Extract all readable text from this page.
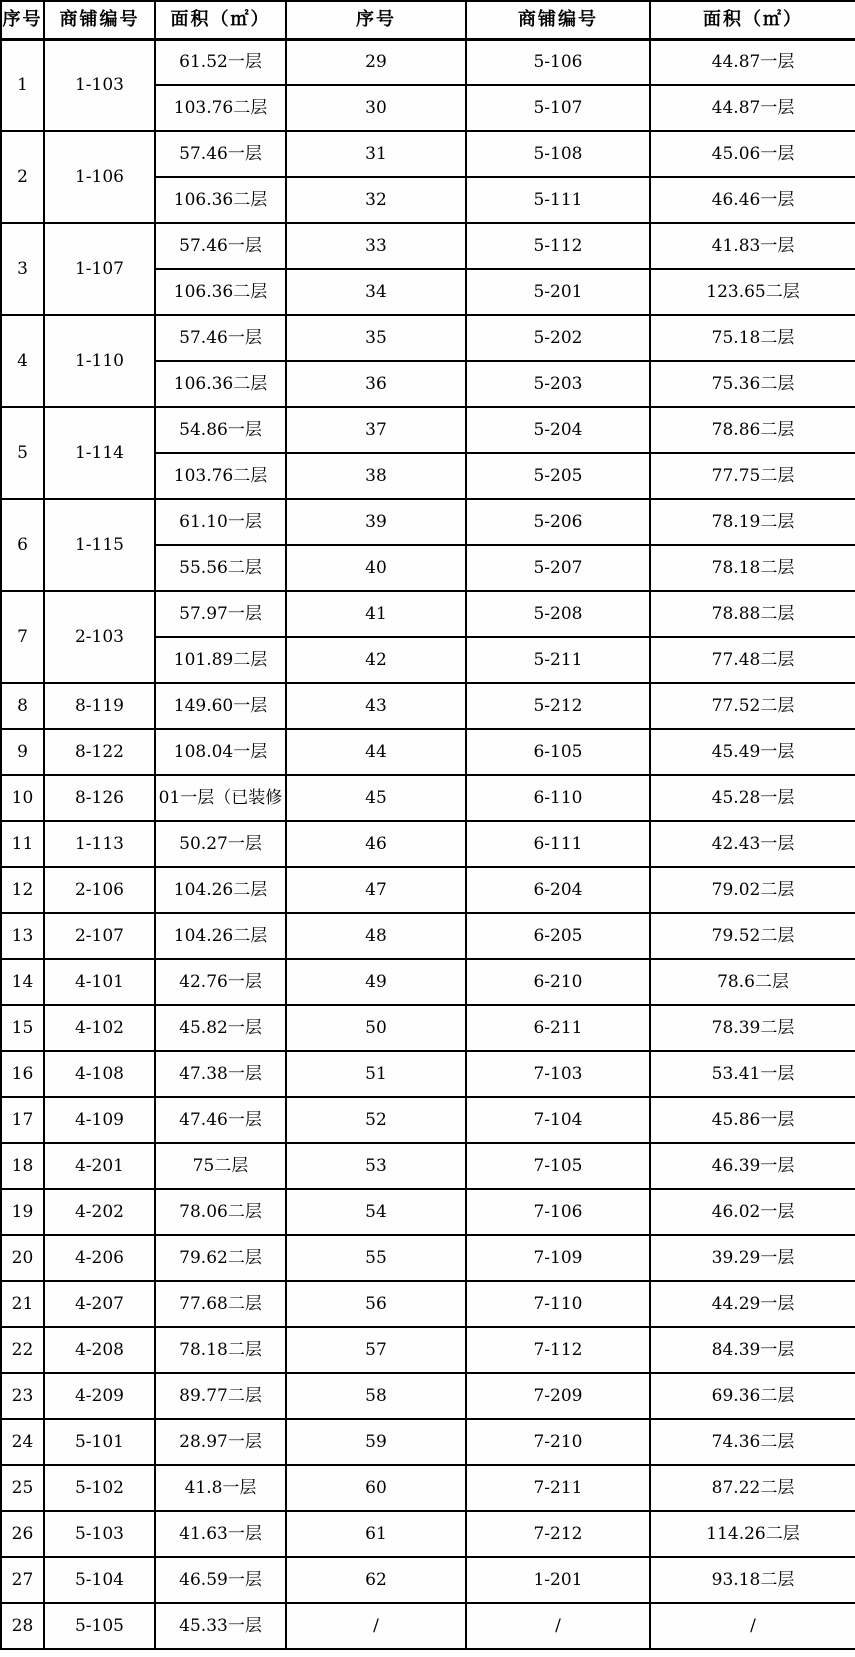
序号	商铺编号	面积（㎡）	序号	商铺编号	面积（㎡）
1	1-103	61.52一层	29	5-106	44.87一层
		103.76二层	30	5-107	44.87一层
2	1-106	57.46一层	31	5-108	45.06一层
		106.36二层	32	5-111	46.46一层
3	1-107	57.46一层	33	5-112	41.83一层
		106.36二层	34	5-201	123.65二层
4	1-110	57.46一层	35	5-202	75.18二层
		106.36二层	36	5-203	75.36二层
5	1-114	54.86一层	37	5-204	78.86二层
		103.76二层	38	5-205	77.75二层
6	1-115	61.10一层	39	5-206	78.19二层
		55.56二层	40	5-207	78.18二层
7	2-103	57.97一层	41	5-208	78.88二层
		101.89二层	42	5-211	77.48二层
8	8-119	149.60一层	43	5-212	77.52二层
9	8-122	108.04一层	44	6-105	45.49一层
10	8-126	01一层（已装修	45	6-110	45.28一层
11	1-113	50.27一层	46	6-111	42.43一层
12	2-106	104.26二层	47	6-204	79.02二层
13	2-107	104.26二层	48	6-205	79.52二层
14	4-101	42.76一层	49	6-210	78.6二层
15	4-102	45.82一层	50	6-211	78.39二层
16	4-108	47.38一层	51	7-103	53.41一层
17	4-109	47.46一层	52	7-104	45.86一层
18	4-201	75二层	53	7-105	46.39一层
19	4-202	78.06二层	54	7-106	46.02一层
20	4-206	79.62二层	55	7-109	39.29一层
21	4-207	77.68二层	56	7-110	44.29一层
22	4-208	78.18二层	57	7-112	84.39一层
23	4-209	89.77二层	58	7-209	69.36二层
24	5-101	28.97一层	59	7-210	74.36二层
25	5-102	41.8一层	60	7-211	87.22二层
26	5-103	41.63一层	61	7-212	114.26二层
27	5-104	46.59一层	62	1-201	93.18二层
28	5-105	45.33一层	/	/	/
